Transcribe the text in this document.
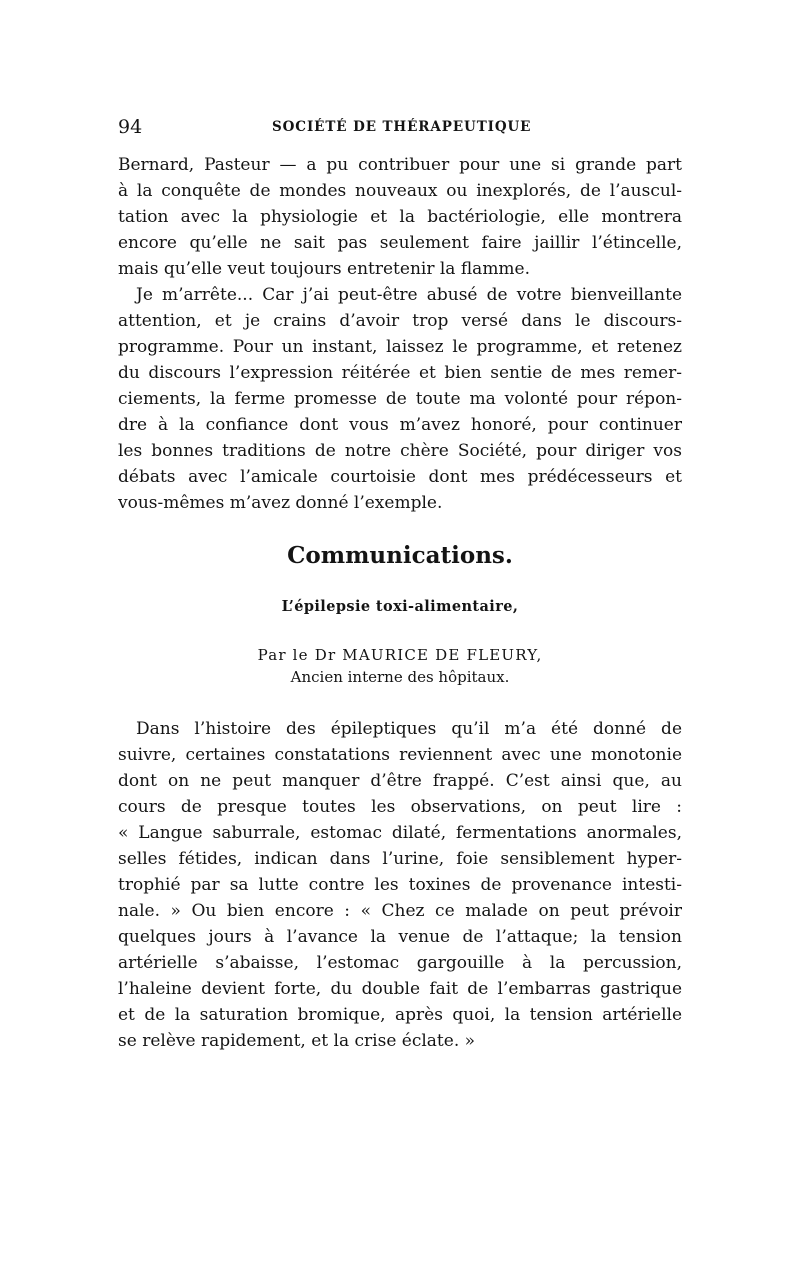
94	SOCIÉTÉ DE THÉRAPEUTIQUE
Bernard, Pasteur — a pu contribuer pour une si grande part
à la conquête de mondes nouveaux ou inexplorés, de l’auscul-
tation avec la physiologie et la bactériologie, elle montrera
encore qu’elle ne sait pas seulement faire jaillir l’étincelle,
mais qu’elle veut toujours entretenir la flamme.
Je m’arrête... Car j’ai peut-être abusé de votre bienveillante
attention, et je crains d’avoir trop versé dans le discours-
programme. Pour un instant, laissez le programme, et retenez
du discours l’expression réitérée et bien sentie de mes remer-
ciements, la ferme promesse de toute ma volonté pour répon-
dre à la confiance dont vous m’avez honoré, pour continuer
les bonnes traditions de notre chère Société, pour diriger vos
débats avec l’amicale courtoisie dont mes prédécesseurs et
vous-mêmes m’avez donné l’exemple.
Communications.
L’épilepsie toxi-alimentaire,
Par le Dr MAURICE DE FLEURY,
Ancien interne des hôpitaux.
Dans l’histoire des épileptiques qu’il m’a été donné de
suivre, certaines constatations reviennent avec une monotonie
dont on ne peut manquer d’être frappé. C’est ainsi que, au
cours de presque toutes les observations, on peut lire :
« Langue saburrale, estomac dilaté, fermentations anormales,
selles fétides, indican dans l’urine, foie sensiblement hyper-
trophié par sa lutte contre les toxines de provenance intesti-
nale. » Ou bien encore : « Chez ce malade on peut prévoir
quelques jours à l’avance la venue de l’attaque; la tension
artérielle s’abaisse, l’estomac gargouille à la percussion,
l’haleine devient forte, du double fait de l’embarras gastrique
et de la saturation bromique, après quoi, la tension artérielle
se relève rapidement, et la crise éclate. »
